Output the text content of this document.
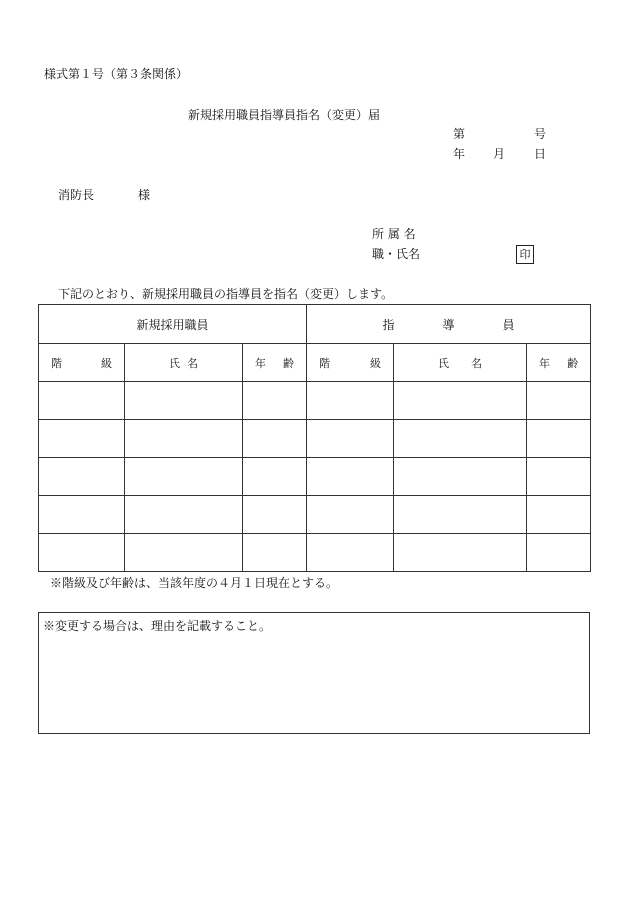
様式第１号（第３条関係）
新規採用職員指導員指名（変更）届
第	号
年 月 日
消防長	様
所 属 名
職・氏名	印
下記のとおり、新規採用職員の指導員を指名（変更）します。
新規採用職員			指　導　員		

階 級	氏 名	年 齢	階 級	氏 名	年 齢

※階級及び年齢は、当該年度の４月１日現在とする。
※変更する場合は、理由を記載すること。
